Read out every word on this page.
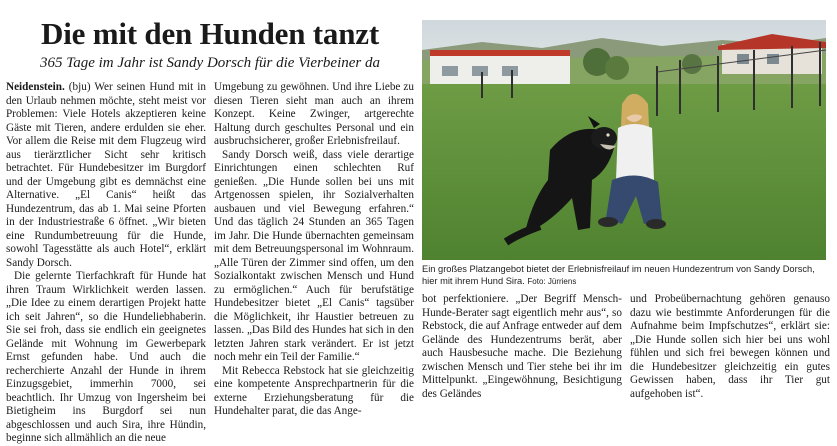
Die mit den Hunden tanzt
365 Tage im Jahr ist Sandy Dorsch für die Vierbeiner da

Neidenstein. (bju) Wer seinen Hund mit in den Urlaub nehmen möchte, steht meist vor Problemen: Viele Hotels akzeptieren keine Gäste mit Tieren, andere erdulden sie eher. Vor allem die Reise mit dem Flugzeug wird aus tierärztlicher Sicht sehr kritisch betrachtet. Für Hundebesitzer im Burgdorf und der Umgebung gibt es demnächst eine Alternative. „El Canis“ heißt das Hundezentrum, das ab 1. Mai seine Pforten in der Industriestraße 6 öffnet. „Wir bieten eine Rundumbetreuung für die Hunde, sowohl Tagesstätte als auch Hotel“, erklärt Sandy Dorsch.

Die gelernte Tierfachkraft für Hunde hat ihren Traum Wirklichkeit werden lassen. „Die Idee zu einem derartigen Projekt hatte ich seit Jahren“, so die Hundeliebhaberin. Sie sei froh, dass sie endlich ein geeignetes Gelände mit Wohnung im Gewerbepark Ernst gefunden habe. Und auch die recherchierte Anzahl der Hunde in ihrem Einzugsgebiet, immerhin 7000, sei beachtlich. Ihr Umzug von Ingersheim bei Bietigheim ins Burgdorf sei nun abgeschlossen und auch Sira, ihre Hündin, beginne sich allmählich an die neue

Umgebung zu gewöhnen. Und ihre Liebe zu diesen Tieren sieht man auch an ihrem Konzept. Keine Zwinger, artgerechte Haltung durch geschultes Personal und ein ausbruchsicherer, großer Erlebnisfreilauf.

Sandy Dorsch weiß, dass viele derartige Einrichtungen einen schlechten Ruf genießen. „Die Hunde sollen bei uns mit Artgenossen spielen, ihr Sozialverhalten ausbauen und viel Bewegung erfahren.“ Und das täglich 24 Stunden an 365 Tagen im Jahr. Die Hunde übernachten gemeinsam mit dem Betreuungspersonal im Wohnraum. „Alle Türen der Zimmer sind offen, um den Sozialkontakt zwischen Mensch und Hund zu ermöglichen.“ Auch für berufstätige Hundebesitzer bietet „El Canis“ tagsüber die Möglichkeit, ihr Haustier betreuen zu lassen. „Das Bild des Hundes hat sich in den letzten Jahren stark verändert. Er ist jetzt noch mehr ein Teil der Familie.“

Mit Rebecca Rebstock hat sie gleichzeitig eine kompetente Ansprechpartnerin für die externe Erziehungsberatung für die Hundehalter parat, die das Ange-

Ein großes Platzangebot bietet der Erlebnisfreilauf im neuen Hundezentrum von Sandy Dorsch, hier mit ihrem Hund Sira. Foto: Jürriens

bot perfektioniere. „Der Begriff Mensch-Hunde-Berater sagt eigentlich mehr aus“, so Rebstock, die auf Anfrage entweder auf dem Gelände des Hundezentrums berät, aber auch Hausbesuche mache. Die Beziehung zwischen Mensch und Tier stehe bei ihr im Mittelpunkt. „Eingewöhnung, Besichtigung des Geländes

und Probeübernachtung gehören genauso dazu wie bestimmte Anforderungen für die Aufnahme beim Impfschutzes“, erklärt sie: „Die Hunde sollen sich hier bei uns wohl fühlen und sich frei bewegen können und die Hundebesitzer gleichzeitig ein gutes Gewissen haben, dass ihr Tier gut aufgehoben ist“.
